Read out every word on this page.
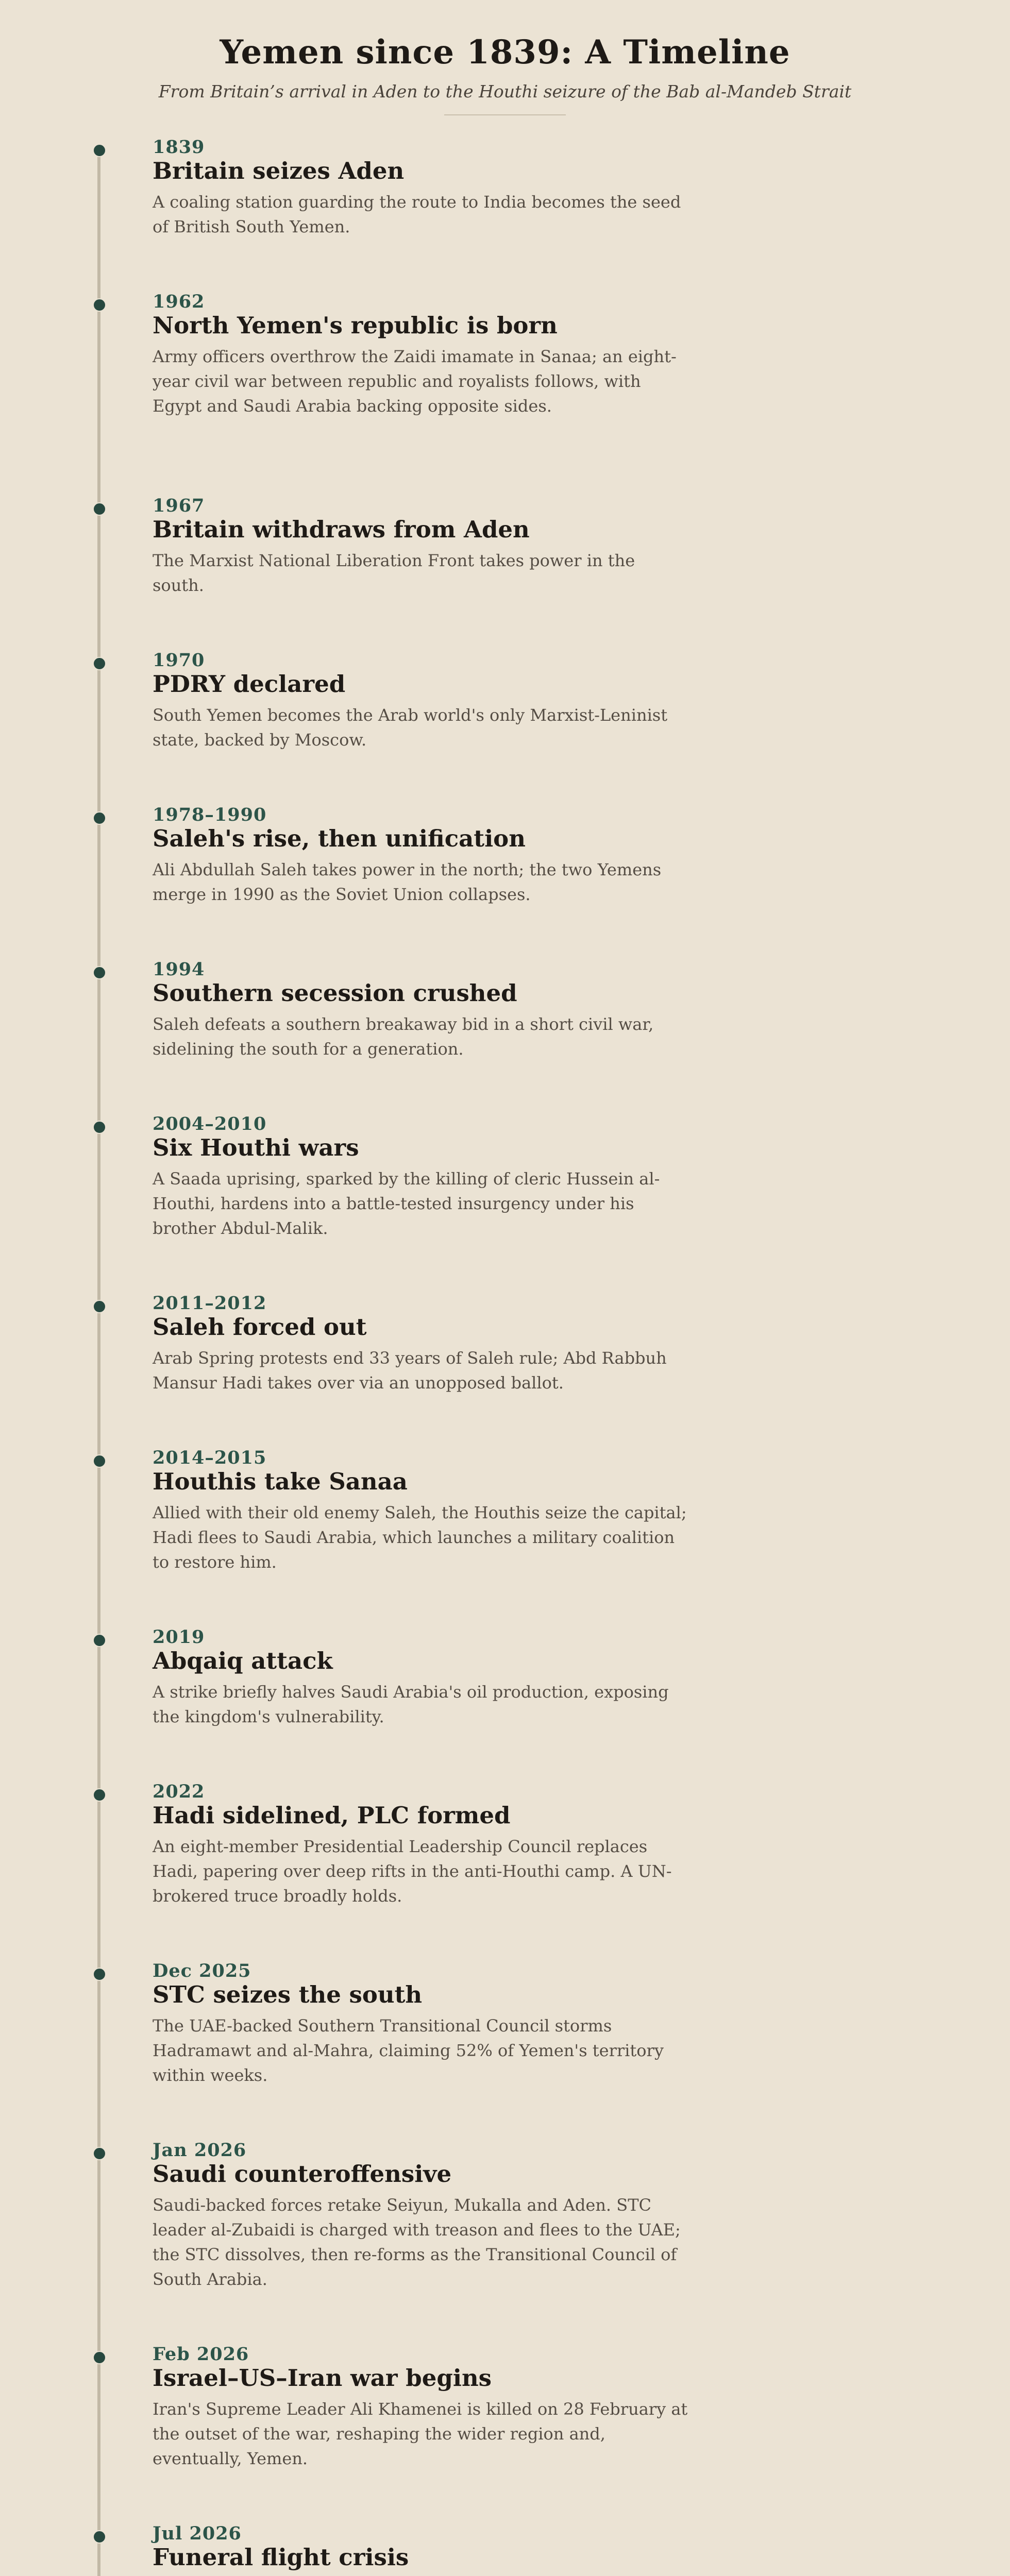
Yemen since 1839: A Timeline
From Britain’s arrival in Aden to the Houthi seizure of the Bab al-Mandeb Strait
1839
Britain seizes Aden
A coaling station guarding the route to India becomes the seed of British South Yemen.
1962
North Yemen's republic is born
Army officers overthrow the Zaidi imamate in Sanaa; an eight-year civil war between republic and royalists follows, with Egypt and Saudi Arabia backing opposite sides.
1967
Britain withdraws from Aden
The Marxist National Liberation Front takes power in the south.
1970
PDRY declared
South Yemen becomes the Arab world's only Marxist-Leninist state, backed by Moscow.
1978–1990
Saleh's rise, then unification
Ali Abdullah Saleh takes power in the north; the two Yemens merge in 1990 as the Soviet Union collapses.
1994
Southern secession crushed
Saleh defeats a southern breakaway bid in a short civil war, sidelining the south for a generation.
2004–2010
Six Houthi wars
A Saada uprising, sparked by the killing of cleric Hussein al-Houthi, hardens into a battle-tested insurgency under his brother Abdul-Malik.
2011–2012
Saleh forced out
Arab Spring protests end 33 years of Saleh rule; Abd Rabbuh Mansur Hadi takes over via an unopposed ballot.
2014–2015
Houthis take Sanaa
Allied with their old enemy Saleh, the Houthis seize the capital; Hadi flees to Saudi Arabia, which launches a military coalition to restore him.
2019
Abqaiq attack
A strike briefly halves Saudi Arabia's oil production, exposing the kingdom's vulnerability.
2022
Hadi sidelined, PLC formed
An eight-member Presidential Leadership Council replaces Hadi, papering over deep rifts in the anti-Houthi camp. A UN-brokered truce broadly holds.
Dec 2025
STC seizes the south
The UAE-backed Southern Transitional Council storms Hadramawt and al-Mahra, claiming 52% of Yemen's territory within weeks.
Jan 2026
Saudi counteroffensive
Saudi-backed forces retake Seiyun, Mukalla and Aden. STC leader al-Zubaidi is charged with treason and flees to the UAE; the STC dissolves, then re-forms as the Transitional Council of South Arabia.
Feb 2026
Israel–US–Iran war begins
Iran's Supreme Leader Ali Khamenei is killed on 28 February at the outset of the war, reshaping the wider region and, eventually, Yemen.
Jul 2026
Funeral flight crisis
